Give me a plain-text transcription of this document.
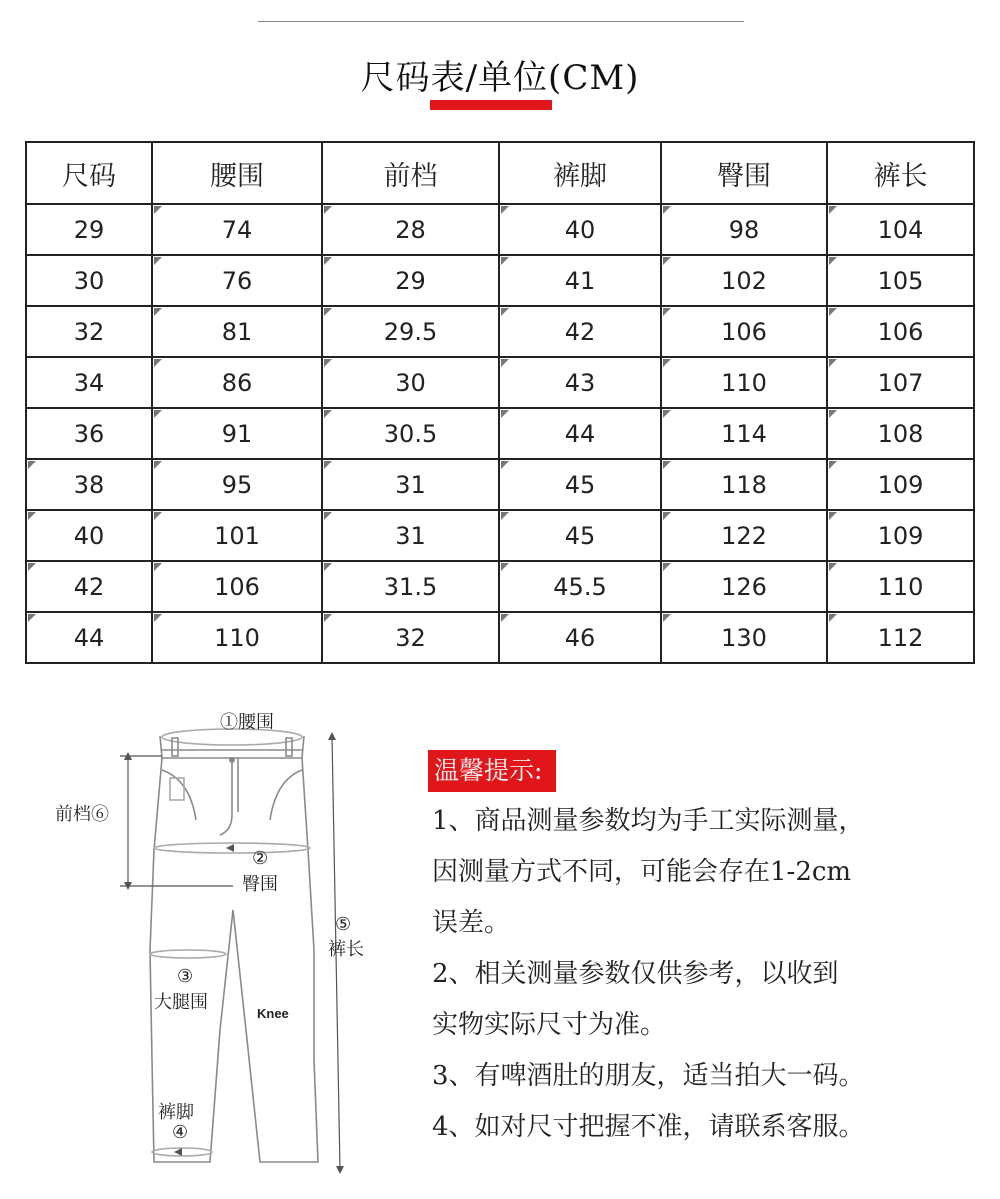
尺码表/单位(CM)
尺码	腰围	前档	裤脚	臀围	裤长
29	74	28	40	98	104
30	76	29	41	102	105
32	81	29.5	42	106	106
34	86	30	43	110	107
36	91	30.5	44	114	108
38	95	31	45	118	109
40	101	31	45	122	109
42	106	31.5	45.5	126	110
44	110	32	46	130	112
①腰围
前档⑥
②
臀围
⑤
裤长
③
大腿围
Knee
裤脚
④
温馨提示:

1、商品测量参数均为手工实际测量，

因测量方式不同，可能会存在1-2cm

误差。

2、相关测量参数仅供参考，以收到

实物实际尺寸为准。

3、有啤酒肚的朋友，适当拍大一码。

4、如对尺寸把握不准，请联系客服。
